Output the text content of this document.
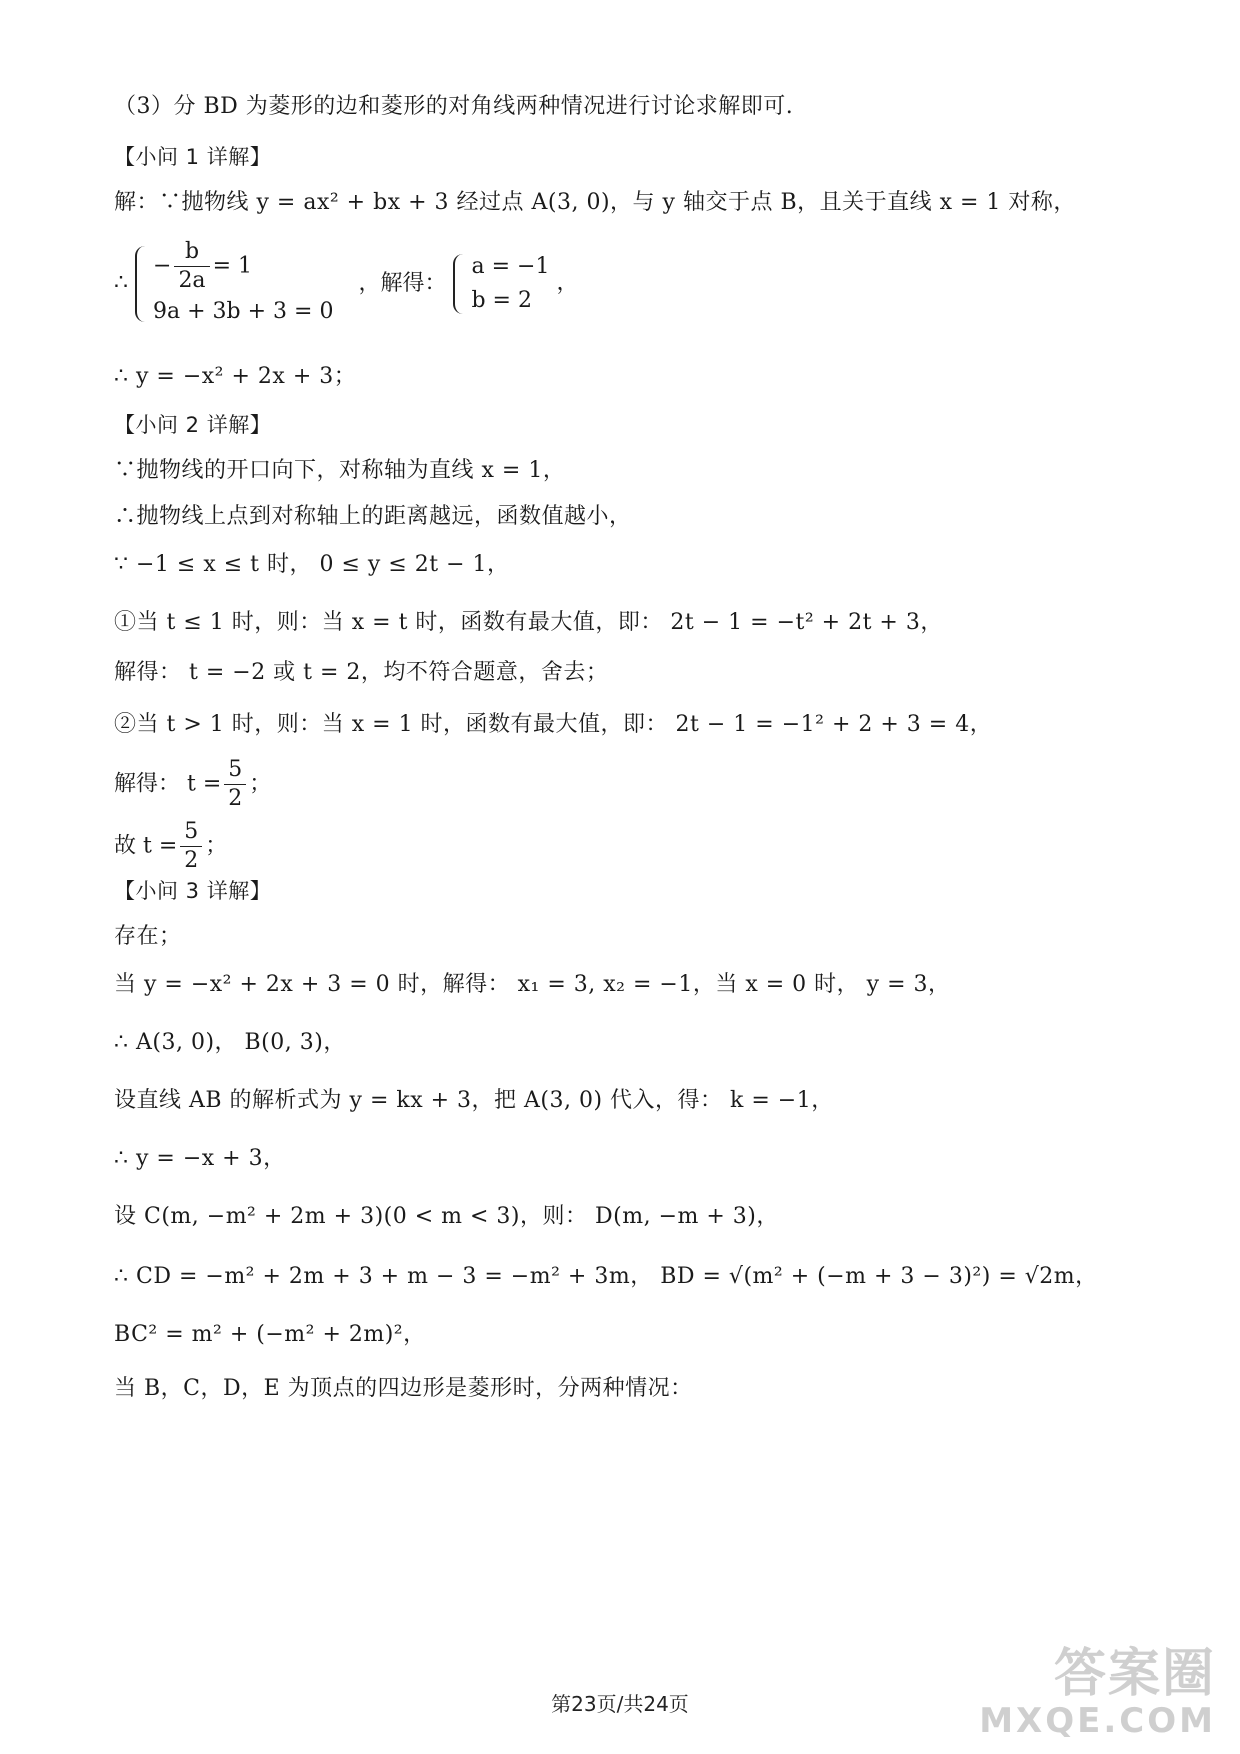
（3）分 BD 为菱形的边和菱形的对角线两种情况进行讨论求解即可.
【小问 1 详解】
解：∵抛物线 y = ax² + bx + 3 经过点 A(3, 0)，与 y 轴交于点 B，且关于直线 x = 1 对称，
∴
− $\frac{b}{2a} = 1$
9a + 3b + 3 = 0
，解得：
a = −1
b = 2
，
∴ y = −x² + 2x + 3；
【小问 2 详解】
∵抛物线的开口向下，对称轴为直线 x = 1，
∴抛物线上点到对称轴上的距离越远，函数值越小，
∵ −1 ≤ x ≤ t 时， 0 ≤ y ≤ 2t − 1，
①当 t ≤ 1 时，则：当 x = t 时，函数有最大值，即： 2t − 1 = −t² + 2t + 3，
解得： t = −2 或 t = 2，均不符合题意，舍去；
②当 t > 1 时，则：当 x = 1 时，函数有最大值，即： 2t − 1 = −1² + 2 + 3 = 4，
解得： $t = \frac{5}{2}$ ；
故 $t = \frac{5}{2}$ ；
【小问 3 详解】
存在；
当 y = −x² + 2x + 3 = 0 时，解得： x₁ = 3, x₂ = −1，当 x = 0 时， y = 3，
∴ A(3, 0)， B(0, 3)，
设直线 AB 的解析式为 y = kx + 3，把 A(3, 0) 代入，得： k = −1，
∴ y = −x + 3，
设 C(m, −m² + 2m + 3)(0 < m < 3)，则： D(m, −m + 3)，
∴ CD = −m² + 2m + 3 + m − 3 = −m² + 3m， BD = √(m² + (−m + 3 − 3)²) = √2m，
BC² = m² + (−m² + 2m)²，
当 B，C，D，E 为顶点的四边形是菱形时，分两种情况：
第23页/共24页	答案圈
MXQE.COM
